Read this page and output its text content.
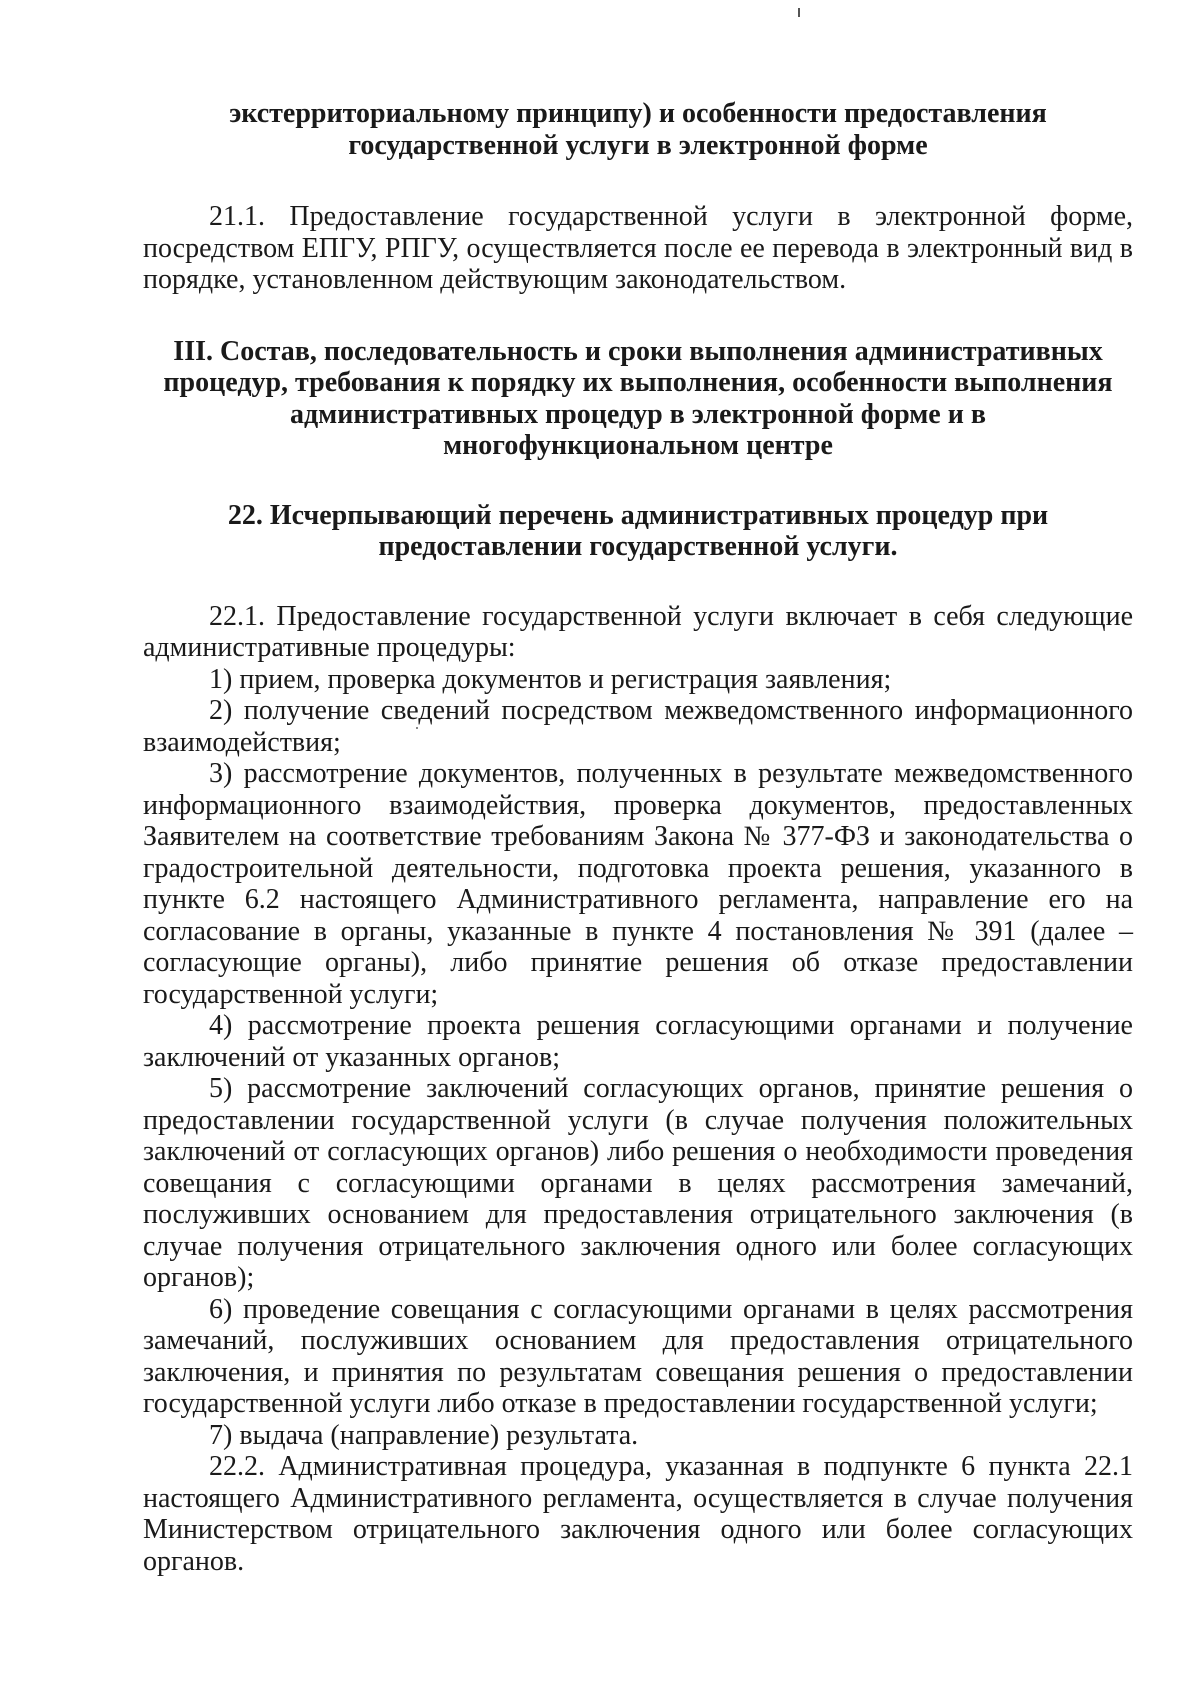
экстерриториальному принципу) и особенности предоставления государственной услуги в электронной форме

21.1. Предоставление государственной услуги в электронной форме, посредством ЕПГУ, РПГУ, осуществляется после ее перевода в электронный вид в порядке, установленном действующим законодательством.

III. Состав, последовательность и сроки выполнения административных процедур, требования к порядку их выполнения, особенности выполнения административных процедур в электронной форме и в многофункциональном центре

22. Исчерпывающий перечень административных процедур при предоставлении государственной услуги.

22.1. Предоставление государственной услуги включает в себя следующие административные процедуры:

1) прием, проверка документов и регистрация заявления;

2) получение сведений посредством межведомственного информационного взаимодействия;

3) рассмотрение документов, полученных в результате межведомственного информационного взаимодействия, проверка документов, предоставленных Заявителем на соответствие требованиям Закона № 377-ФЗ и законодательства о градостроительной деятельности, подготовка проекта решения, указанного в пункте 6.2 настоящего Административного регламента, направление его на согласование в органы, указанные в пункте 4 постановления № 391 (далее – согласующие органы), либо принятие решения об отказе предоставлении государственной услуги;

4) рассмотрение проекта решения согласующими органами и получение заключений от указанных органов;

5) рассмотрение заключений согласующих органов, принятие решения о предоставлении государственной услуги (в случае получения положительных заключений от согласующих органов) либо решения о необходимости проведения совещания с согласующими органами в целях рассмотрения замечаний, послуживших основанием для предоставления отрицательного заключения (в случае получения отрицательного заключения одного или более согласующих органов);

6) проведение совещания с согласующими органами в целях рассмотрения замечаний, послуживших основанием для предоставления отрицательного заключения, и принятия по результатам совещания решения о предоставлении государственной услуги либо отказе в предоставлении государственной услуги;

7) выдача (направление) результата.

22.2. Административная процедура, указанная в подпункте 6 пункта 22.1 настоящего Административного регламента, осуществляется в случае получения Министерством отрицательного заключения одного или более согласующих органов.
